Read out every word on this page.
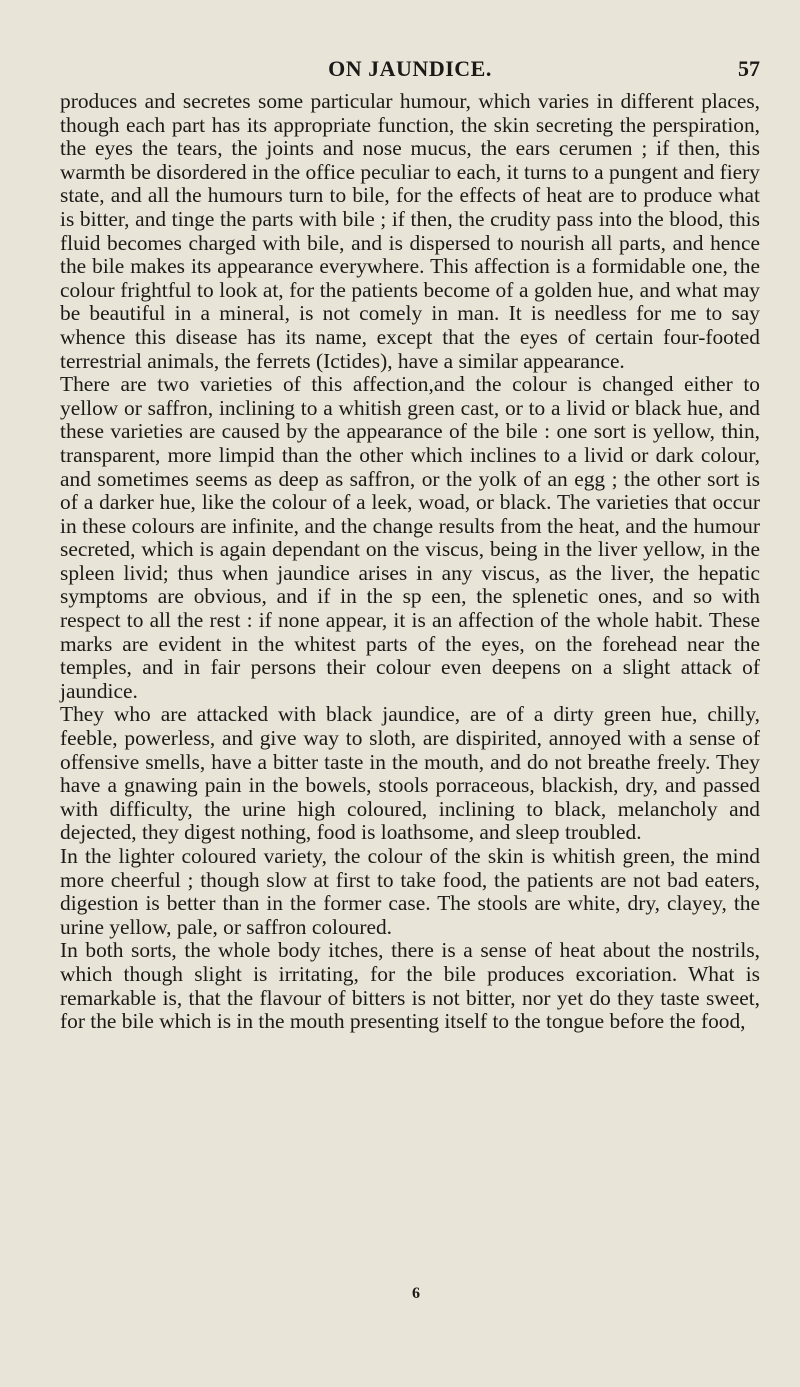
ON JAUNDICE.	57

produces and secretes some particular humour, which varies in different places, though each part has its appropriate function, the skin secreting the perspiration, the eyes the tears, the joints and nose mucus, the ears cerumen ; if then, this warmth be disordered in the office peculiar to each, it turns to a pungent and fiery state, and all the humours turn to bile, for the effects of heat are to produce what is bitter, and tinge the parts with bile ; if then, the crudity pass into the blood, this fluid becomes charged with bile, and is dispersed to nourish all parts, and hence the bile makes its appearance everywhere. This affection is a formidable one, the colour frightful to look at, for the patients become of a golden hue, and what may be beautiful in a mineral, is not comely in man. It is needless for me to say whence this disease has its name, except that the eyes of certain four-footed terrestrial animals, the ferrets (Ictides), have a similar appearance.

There are two varieties of this affection,and the colour is changed either to yellow or saffron, inclining to a whitish green cast, or to a livid or black hue, and these varieties are caused by the appearance of the bile : one sort is yellow, thin, transparent, more limpid than the other which inclines to a livid or dark colour, and sometimes seems as deep as saffron, or the yolk of an egg ; the other sort is of a darker hue, like the colour of a leek, woad, or black. The varieties that occur in these colours are infinite, and the change results from the heat, and the humour secreted, which is again dependant on the viscus, being in the liver yellow, in the spleen livid; thus when jaundice arises in any viscus, as the liver, the hepatic symptoms are obvious, and if in the sp een, the splenetic ones, and so with respect to all the rest : if none appear, it is an affection of the whole habit. These marks are evident in the whitest parts of the eyes, on the forehead near the temples, and in fair persons their colour even deepens on a slight attack of jaundice.

They who are attacked with black jaundice, are of a dirty green hue, chilly, feeble, powerless, and give way to sloth, are dispirited, annoyed with a sense of offensive smells, have a bitter taste in the mouth, and do not breathe freely. They have a gnawing pain in the bowels, stools porraceous, blackish, dry, and passed with difficulty, the urine high coloured, inclining to black, melancholy and dejected, they digest nothing, food is loathsome, and sleep troubled.

In the lighter coloured variety, the colour of the skin is whitish green, the mind more cheerful ; though slow at first to take food, the patients are not bad eaters, digestion is better than in the former case. The stools are white, dry, clayey, the urine yellow, pale, or saffron coloured.

In both sorts, the whole body itches, there is a sense of heat about the nostrils, which though slight is irritating, for the bile produces excoriation. What is remarkable is, that the flavour of bitters is not bitter, nor yet do they taste sweet, for the bile which is in the mouth presenting itself to the tongue before the food,

6
